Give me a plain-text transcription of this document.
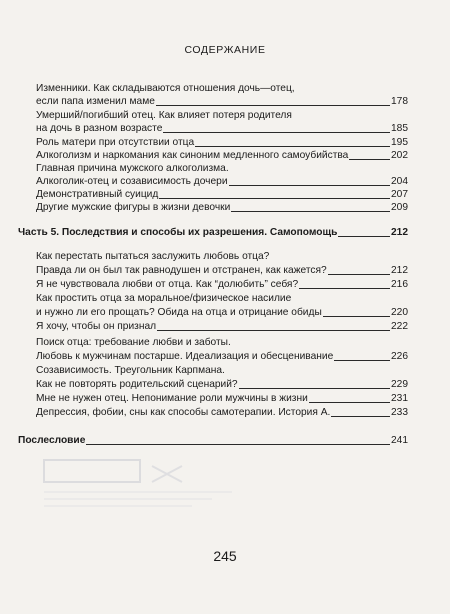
СОДЕРЖАНИЕ
Изменники. Как складываются отношения дочь—отец,
если папа изменил маме	178
Умерший/погибший отец. Как влияет потеря родителя
на дочь в разном возрасте	185
Роль матери при отсутствии отца	195
Алкоголизм и наркомания как синоним медленного самоубийства	202
Главная причина мужского алкоголизма.
Алкоголик-отец и созависимость дочери	204
Демонстративный суицид	207
Другие мужские фигуры в жизни девочки	209
Часть 5. Последствия и способы их разрешения. Самопомощь	212
Как перестать пытаться заслужить любовь отца?
Правда ли он был так равнодушен и отстранен, как кажется?	212
Я не чувствовала любви от отца. Как “долюбить” себя?	216
Как простить отца за моральное/физическое насилие
и нужно ли его прощать? Обида на отца и отрицание обиды	220
Я хочу, чтобы он признал	222
Поиск отца: требование любви и заботы.
Любовь к мужчинам постарше. Идеализация и обесценивание	226
Созависимость. Треугольник Карпмана.
Как не повторять родительский сценарий?	229
Мне не нужен отец. Непонимание роли мужчины в жизни	231
Депрессия, фобии, сны как способы самотерапии. История А.	233
Послесловие	241
245
